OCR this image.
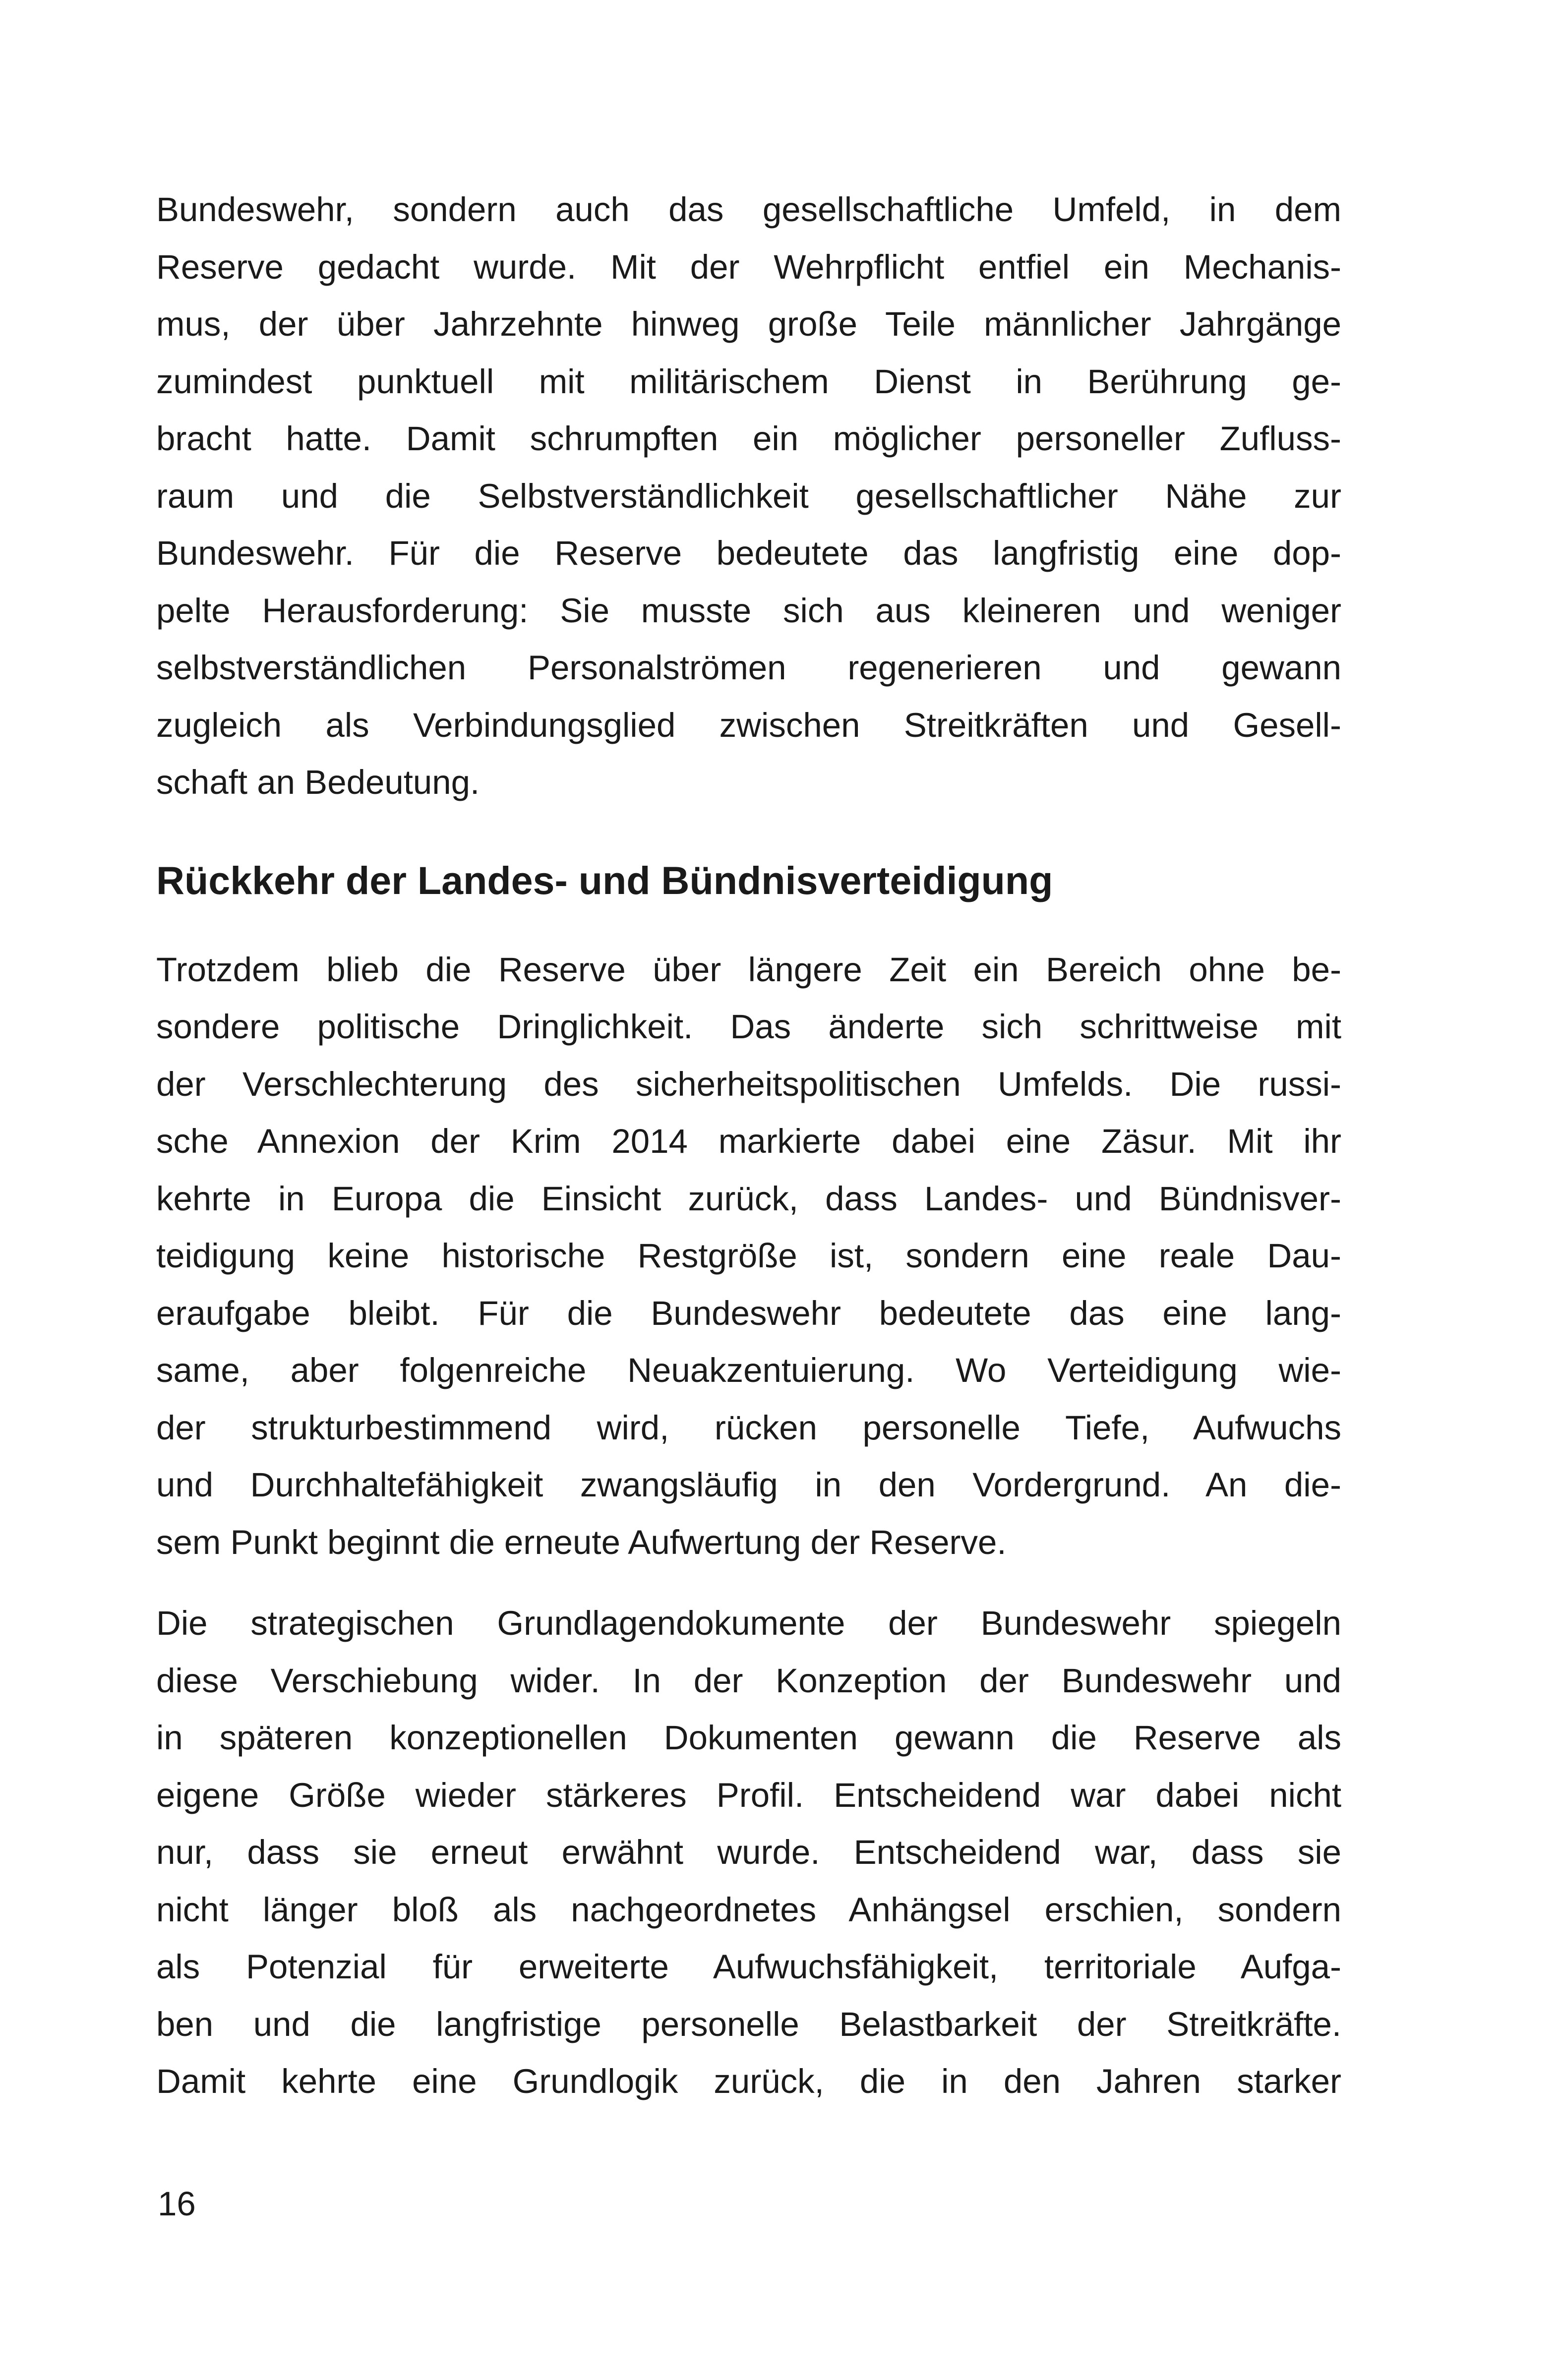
Bundeswehr, sondern auch das gesellschaftliche Umfeld, in dem
Reserve gedacht wurde. Mit der Wehrpflicht entfiel ein Mechanis-
mus, der über Jahrzehnte hinweg große Teile männlicher Jahrgänge
zumindest punktuell mit militärischem Dienst in Berührung ge-
bracht hatte. Damit schrumpften ein möglicher personeller Zufluss-
raum und die Selbstverständlichkeit gesellschaftlicher Nähe zur
Bundeswehr. Für die Reserve bedeutete das langfristig eine dop-
pelte Herausforderung: Sie musste sich aus kleineren und weniger
selbstverständlichen Personalströmen regenerieren und gewann
zugleich als Verbindungsglied zwischen Streitkräften und Gesell-
schaft an Bedeutung.
Rückkehr der Landes- und Bündnisverteidigung
Trotzdem blieb die Reserve über längere Zeit ein Bereich ohne be-
sondere politische Dringlichkeit. Das änderte sich schrittweise mit
der Verschlechterung des sicherheitspolitischen Umfelds. Die russi-
sche Annexion der Krim 2014 markierte dabei eine Zäsur. Mit ihr
kehrte in Europa die Einsicht zurück, dass Landes- und Bündnisver-
teidigung keine historische Restgröße ist, sondern eine reale Dau-
eraufgabe bleibt. Für die Bundeswehr bedeutete das eine lang-
same, aber folgenreiche Neuakzentuierung. Wo Verteidigung wie-
der strukturbestimmend wird, rücken personelle Tiefe, Aufwuchs
und Durchhaltefähigkeit zwangsläufig in den Vordergrund. An die-
sem Punkt beginnt die erneute Aufwertung der Reserve.
Die strategischen Grundlagendokumente der Bundeswehr spiegeln
diese Verschiebung wider. In der Konzeption der Bundeswehr und
in späteren konzeptionellen Dokumenten gewann die Reserve als
eigene Größe wieder stärkeres Profil. Entscheidend war dabei nicht
nur, dass sie erneut erwähnt wurde. Entscheidend war, dass sie
nicht länger bloß als nachgeordnetes Anhängsel erschien, sondern
als Potenzial für erweiterte Aufwuchsfähigkeit, territoriale Aufga-
ben und die langfristige personelle Belastbarkeit der Streitkräfte.
Damit kehrte eine Grundlogik zurück, die in den Jahren starker
16
